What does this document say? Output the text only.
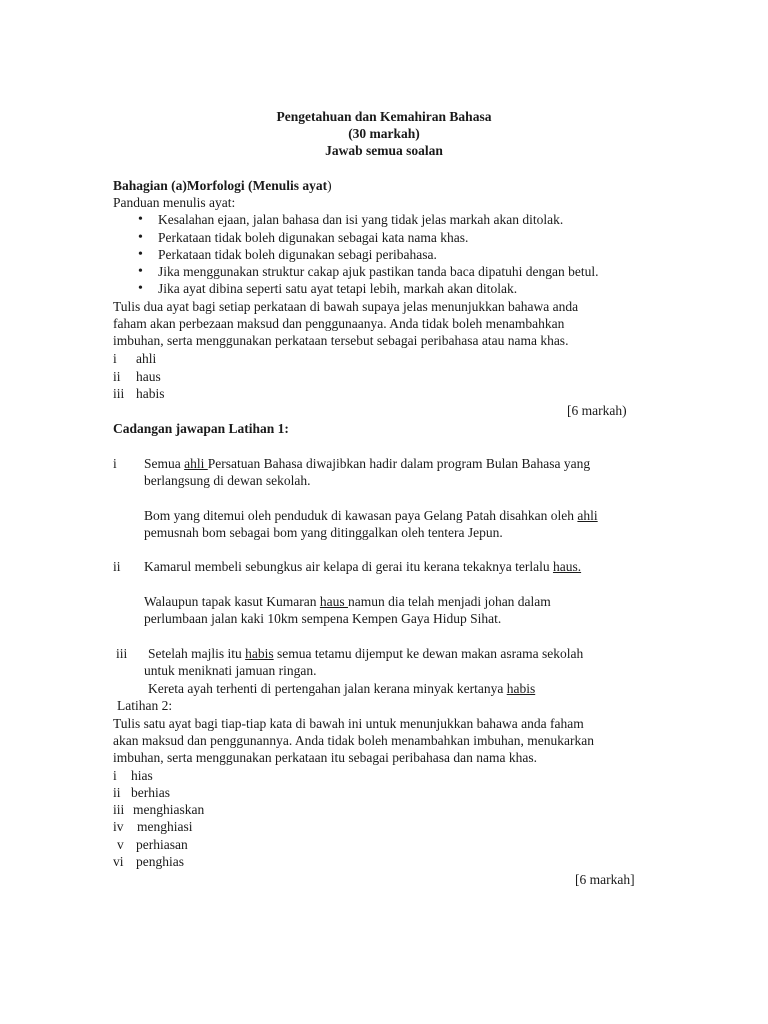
Pengetahuan dan Kemahiran Bahasa
(30 markah)
Jawab semua soalan
Bahagian (a)Morfologi (Menulis ayat)
Panduan menulis ayat:
• Kesalahan ejaan, jalan bahasa dan isi yang tidak jelas markah akan ditolak.
• Perkataan tidak boleh digunakan sebagai kata nama khas.
• Perkataan tidak boleh digunakan sebagi peribahasa.
• Jika menggunakan struktur cakap ajuk pastikan tanda baca dipatuhi dengan betul.
• Jika ayat dibina seperti satu ayat tetapi lebih, markah akan ditolak.
Tulis dua ayat bagi setiap perkataan di bawah supaya jelas menunjukkan bahawa anda
faham akan perbezaan maksud dan penggunaanya. Anda tidak boleh menambahkan
imbuhan, serta menggunakan perkataan tersebut sebagai peribahasa atau nama khas.
i ahli
ii haus
iii habis
[6 markah)
Cadangan jawapan Latihan 1:
i Semua ahli Persatuan Bahasa diwajibkan hadir dalam program Bulan Bahasa yang
berlangsung di dewan sekolah.
Bom yang ditemui oleh penduduk di kawasan paya Gelang Patah disahkan oleh ahli
pemusnah bom sebagai bom yang ditinggalkan oleh tentera Jepun.
ii Kamarul membeli sebungkus air kelapa di gerai itu kerana tekaknya terlalu haus.
Walaupun tapak kasut Kumaran haus namun dia telah menjadi johan dalam
perlumbaan jalan kaki 10km sempena Kempen Gaya Hidup Sihat.
iii Setelah majlis itu habis semua tetamu dijemput ke dewan makan asrama sekolah
untuk meniknati jamuan ringan.
Kereta ayah terhenti di pertengahan jalan kerana minyak kertanya habis
Latihan 2:
Tulis satu ayat bagi tiap-tiap kata di bawah ini untuk menunjukkan bahawa anda faham
akan maksud dan penggunannya. Anda tidak boleh menambahkan imbuhan, menukarkan
imbuhan, serta menggunakan perkataan itu sebagai peribahasa dan nama khas.
i hias
ii berhias
iii menghiaskan
iv menghiasi
v perhiasan
vi penghias
[6 markah]
